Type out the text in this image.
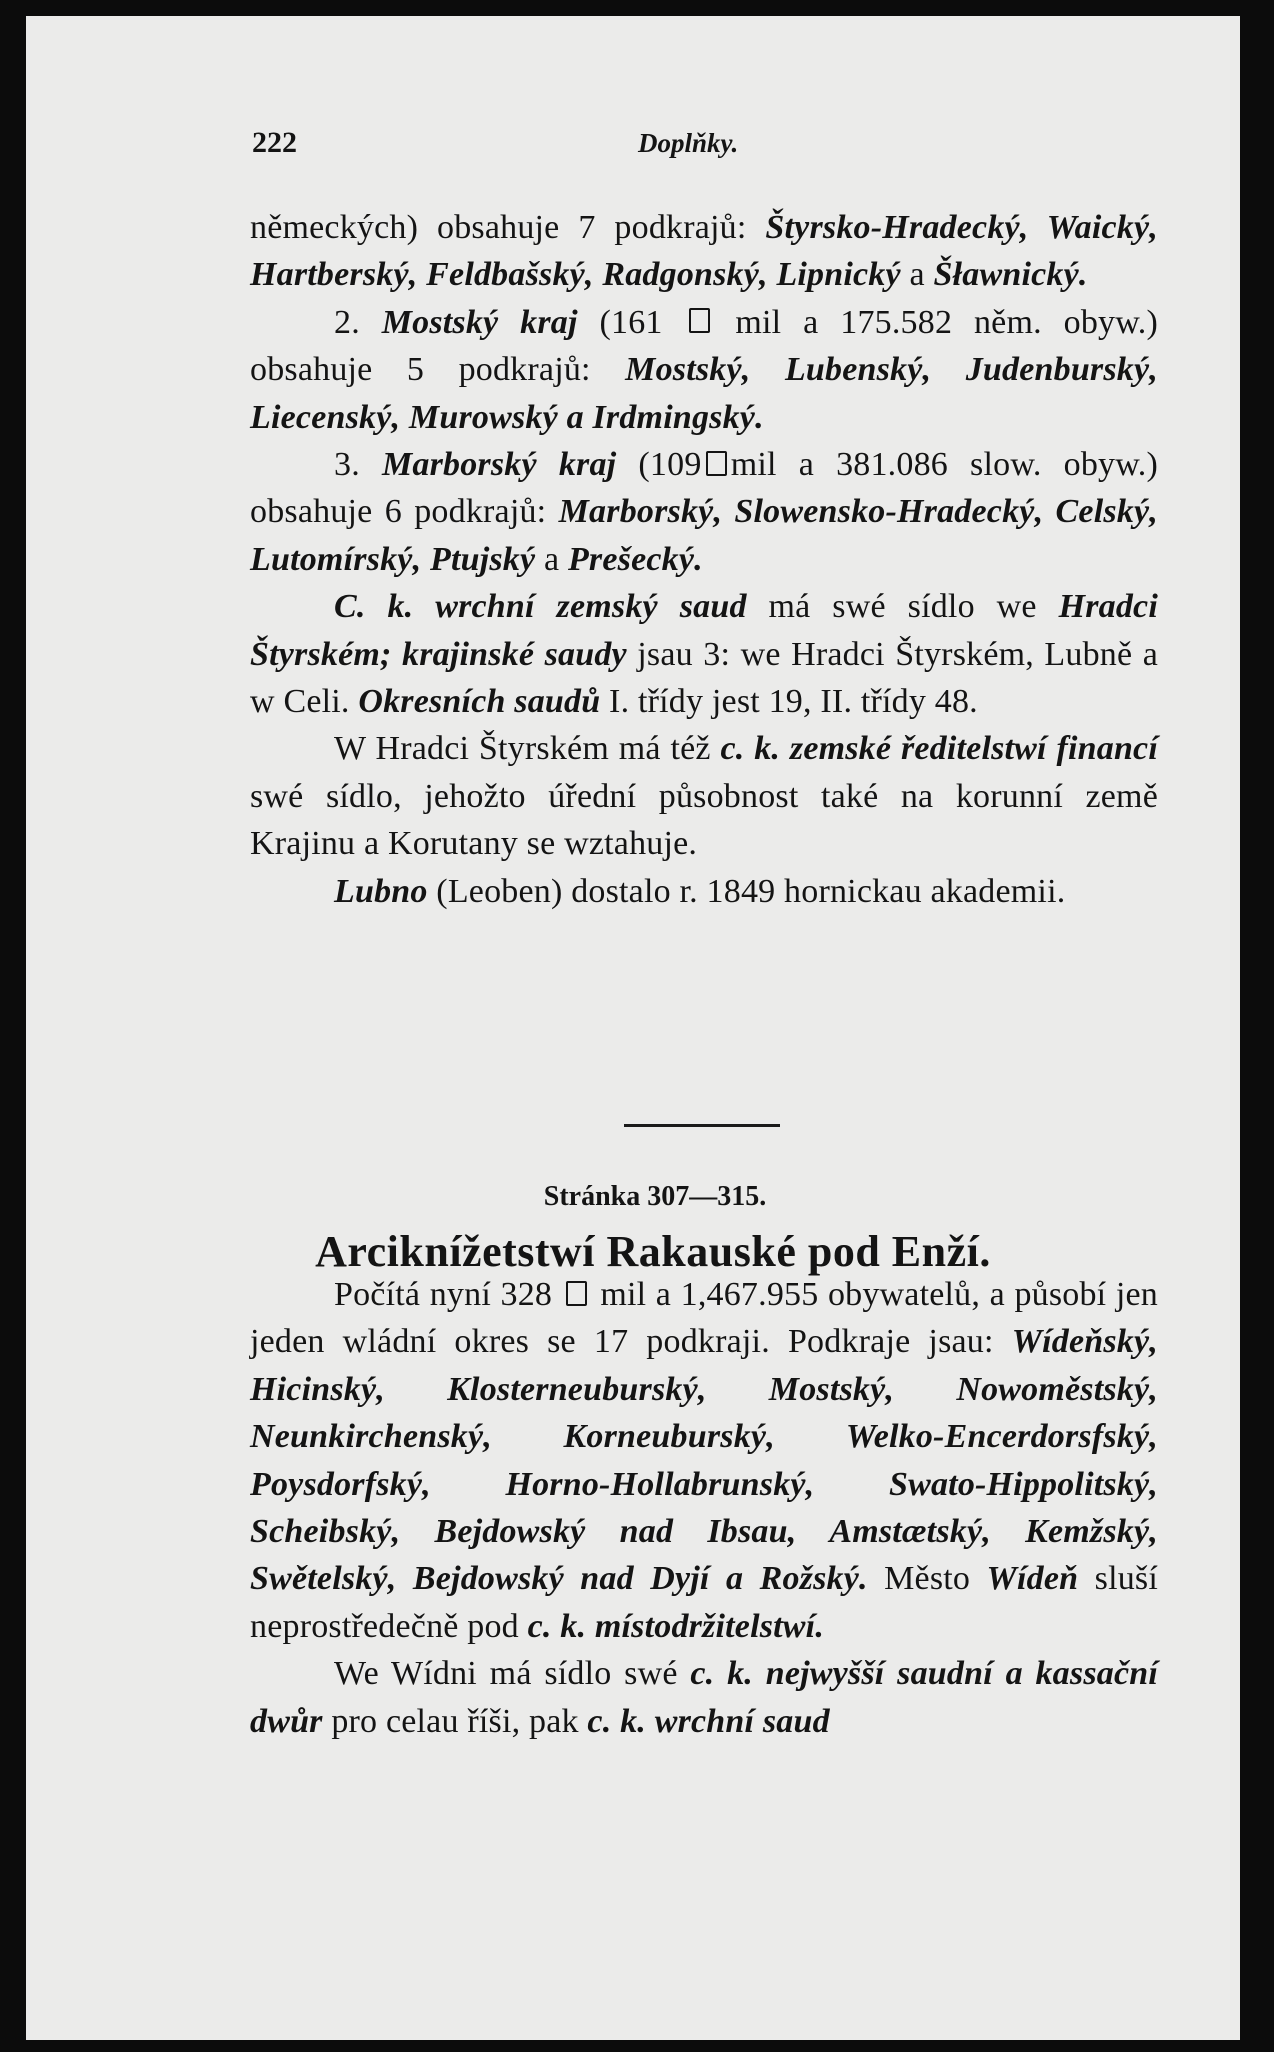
222	Doplňky.

německých) obsahuje 7 podkrajů: Štyrsko-Hradecký, Waický, Hartberský, Feldbašský, Radgonský, Lipnický a Šławnický.

2. Mostský kraj (161  mil a 175.582 něm. obyw.) obsahuje 5 podkrajů: Mostský, Lubenský, Judenburský, Liecenský, Murowský a Irdmingský.

3. Marborský kraj (109 mil a 381.086 slow. obyw.) obsahuje 6 podkrajů: Marborský, Slowensko-Hradecký, Celský, Lutomírský, Ptujský a Prešecký.

C. k. wrchní zemský saud má swé sídlo we Hradci Štyrském; krajinské saudy jsau 3: we Hradci Štyrském, Lubně a w Celi. Okresních saudů I. třídy jest 19, II. třídy 48.

W Hradci Štyrském má též c. k. zemské ředitelstwí financí swé sídlo, jehožto úřední působnost také na korunní země Krajinu a Korutany se wztahuje.

Lubno (Leoben) dostalo r. 1849 hornickau akademii.

Stránka 307—315.
Arciknížetstwí Rakauské pod Enží.

Počítá nyní 328  mil a 1,467.955 obywatelů, a působí jen jeden wládní okres se 17 podkraji. Podkraje jsau: Wídeňský, Hicinský, Klosterneuburský, Mostský, Nowoměstský, Neunkirchenský, Korneuburský, Welko-Encerdorsfský, Poysdorfský, Horno-Hollabrunský, Swato-Hippolitský, Scheibský, Bejdowský nad Ibsau, Amstætský, Kemžský, Swětelský, Bejdowský nad Dyjí a Rožský. Město Wídeň sluší neprostředečně pod c. k. místodržitelstwí.

We Wídni má sídlo swé c. k. nejwyšší saudní a kassační dwůr pro celau říši, pak c. k. wrchní saud
